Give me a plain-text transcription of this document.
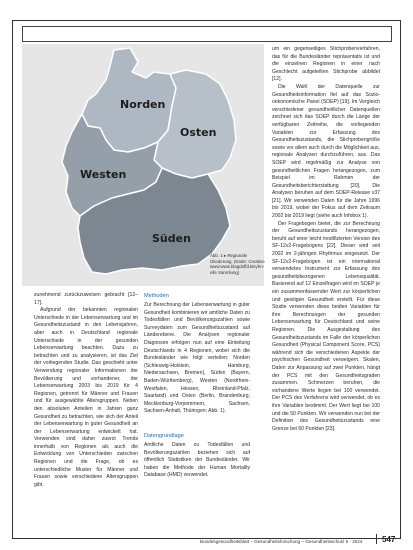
Norden
Osten
Westen
Süden
Abb. 1 ▸ Regionale Gliederung. (Karte: Creative www.www.blagdoffd.Beyhn-elle Sanmlung)

zunehmend zurückzuweisen gebracht [12–17].

Aufgrund der bekannten regionalen Unterschiede in der Lebenserwartung und im Gesundheitszustand in den Lebensjahren, aber auch in Deutschland regionale Unterschiede in der gesunden Lebenserwartung beachten. Dazu zu betrachten und zu analysieren, ist das Ziel der vorliegenden Studie. Das geschieht unter Verwendung regionaler Informationen der Bevölkerung und vorhandener, der Lebenserwartung 2003 bis 2019 für 4 Regionen, getrennt für Männer und Frauen und für ausgewählte Altersgruppen. Neben den absoluten Anteilen in Jahren ganz Gesundheit zu betrachten, wie sich der Anteil der Lebenserwartung in guter Gesundheit an der Lebenserwartung entwickelt hat. Verwenden sind daher zuerst Trends innerhalb von Regionen als auch die Entwicklung von Unterschieden zwischen Regionen und die Frage, ob es unterschiedliche Muster für Männer und Frauen sowie verschiedene Altersgruppen gibt.

Methoden

Zur Berechnung der Lebenserwartung in guter Gesundheit kombinieren wir amtliche Daten zu Todesfällen und Bevölkerungszahlen sowie Surveydaten zum Gesundheitszustand auf Länderebene. Die Analysen regionaler Diagnosen erfolgen nun auf eine Einteilung Deutschlands in 4 Regionen, wobei sich die Bundesländer wie folgt verteilen: Norden (Schleswig-Holstein, Hamburg, Niedersachsen, Bremen), Süden (Bayern, Baden-Württemberg), Westen (Nordrhein-Westfalen, Hessen, Rheinland-Pfalz, Saarland) und Osten (Berlin, Brandenburg, Mecklenburg-Vorpommern, Sachsen, Sachsen-Anhalt, Thüringen; Abb. 1).

Datengrundlage

Amtliche Daten zu Todesfällen und Bevölkerungszahlen beziehen sich auf öffentlich Statistiken der Bundesländer. Wir haben die Methode der Human Mortality Database (HMD) verwendet.

um ein gegenseitiges Stichprobenverfahren, das für die Bundesländer repräsentativ ist und die einzelnen Regionen in einer nach Geschlecht aufgeteilten Stichprobe abbildet [12].

Die Wahl der Datenquelle zur Gesundheitsinformation fiel auf das Sozio-oekonomische Panel (SOEP) [19]. Im Vergleich verschiedener gesundheitlicher Datenquellen zeichnet sich das SOEP durch die Länge der verfügbaren Zeitreihe, die vorliegenden Variablen zur Erfassung des Gesundheitszustands, die Stichprobengröße sowie vor allem auch durch die Möglichkeit aus, regionale Analysen durchzuführen, aus. Das SOEP wird regelmäßig zur Analyse von gesundheitlichen Fragen herangezogen, zum Beispiel im Rahmen der Gesundheitsberichterstattung [20]. Die Analysen beruhen auf dem SOEP-Release v37 [21]. Wir verwenden Daten für die Jahre 1996 bis 2019, wobei der Fokus auf dem Zeitraum 2002 bis 2019 liegt (siehe auch Infobox 1).

Der Fragebogen bietet, die zur Berechnung der Gesundheitszustands herangezogen, beruht auf einer leicht modifizierten Version des SF-12v2-Fragebogens [22]. Dieser wird seit 2002 im 2-jährigen Rhythmus eingesetzt. Der SF-12v2-Fragebogen ist ein international verwendetes Instrument zur Erfassung des gesundheitsbezogenen Lebensqualität. Basierend auf 12 Einzelfragen wird im SOEP je ein zusammenfassender Wert zur körperlichen und geistigen Gesundheit erstellt. Für diese Studie verwenden diese beiden Variablen für ihre Berechnungen der gesunden Lebenserwartung für Deutschland und seine Regionen. Die Ausgestaltung des Gesundheitszustands im Falle der körperlichen Gesundheit (Physical Component Score, PCS) während sich die verschiedenen Aspekte der psychischen Gesundheit verweigern, Skalen, Daten zur Anpassung auf zwei Punkten, hängt der PCS mit den Gesundheitsgraden zusammen. Schmerzen beruhen, die vorhandene Werte liegen bei 100 verwendet. Der PCS des Verfahrens wird verwendet, ob es ihre Variablen bestimmt. Der Wert liegt bei 100 und die 50 Punkten. Wir verwenden nun bei der Definition des Gesundheitszustands eine Grenze bei 50 Punkten [23].

Bundesgesundheitsblatt – Gesundheitsforschung – Gesundheitsschutz 5 · 2024 547
